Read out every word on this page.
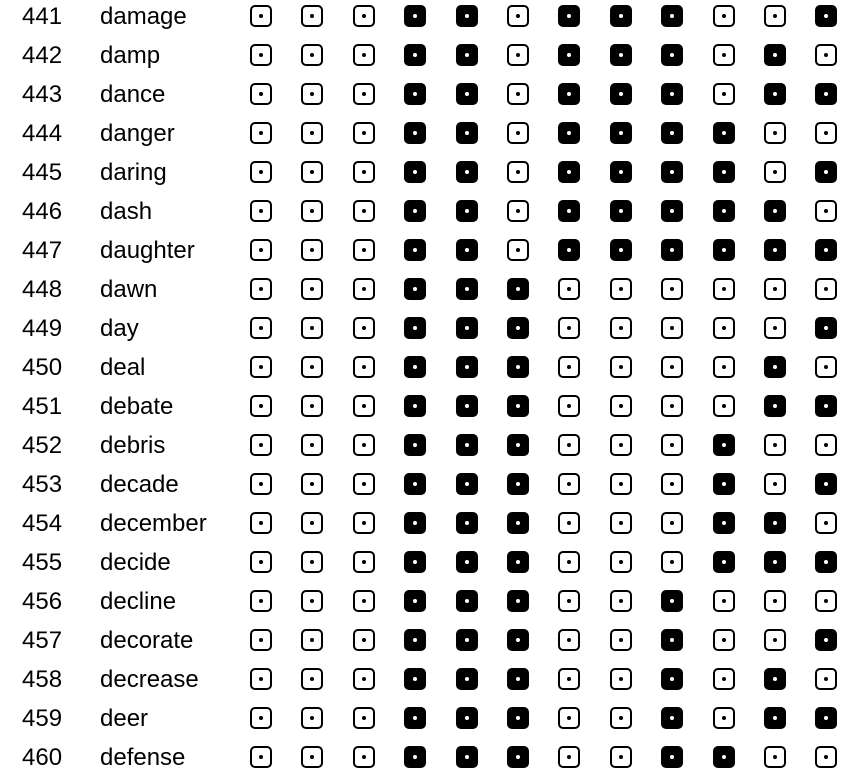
441 damage
442 damp
443 dance
444 danger
445 daring
446 dash
447 daughter
448 dawn
449 day
450 deal
451 debate
452 debris
453 decade
454 december
455 decide
456 decline
457 decorate
458 decrease
459 deer
460 defense
